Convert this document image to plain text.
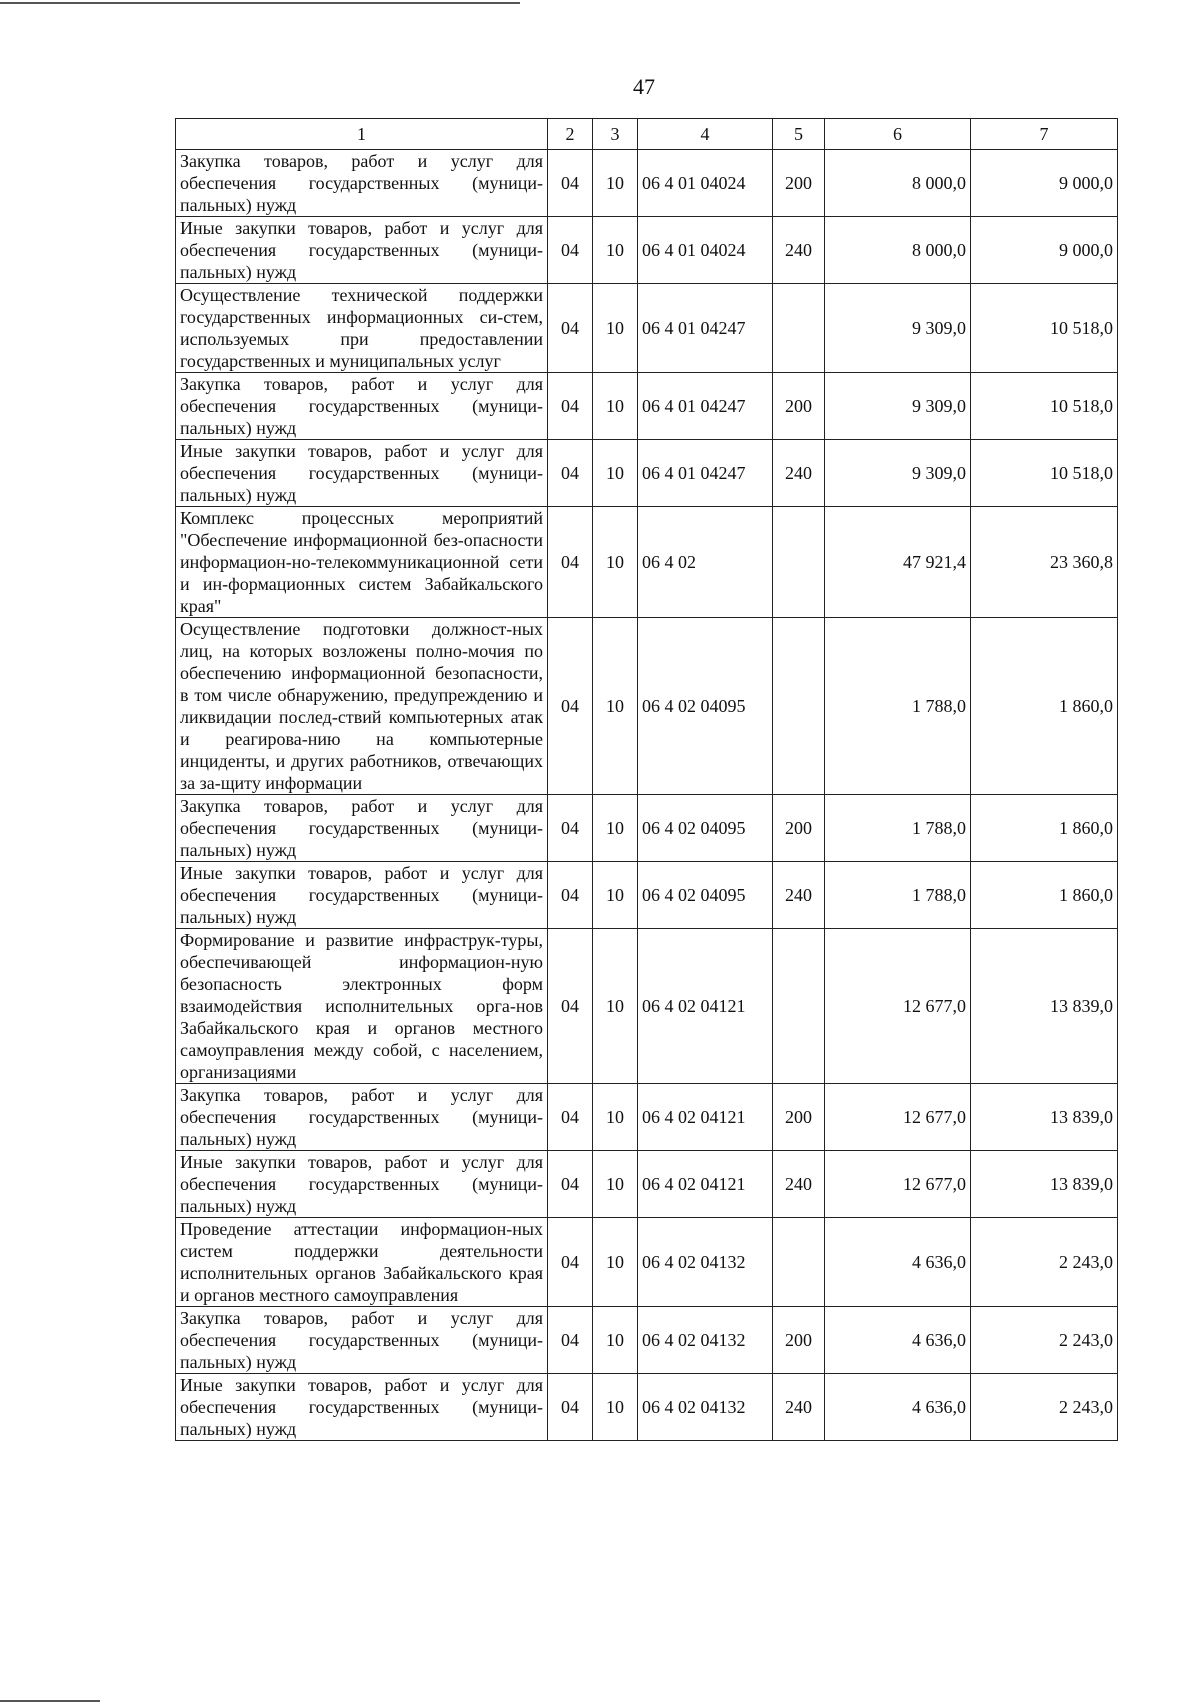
47
1	2	3	4	5	6	7
Закупка товаров, работ и услуг для обеспечения государственных (муници-пальных) нужд	04	10	06 4 01 04024	200	8 000,0	9 000,0
Иные закупки товаров, работ и услуг для обеспечения государственных (муници-пальных) нужд	04	10	06 4 01 04024	240	8 000,0	9 000,0
Осуществление технической поддержки государственных информационных си-стем, используемых при предоставлении государственных и муниципальных услуг	04	10	06 4 01 04247		9 309,0	10 518,0
Закупка товаров, работ и услуг для обеспечения государственных (муници-пальных) нужд	04	10	06 4 01 04247	200	9 309,0	10 518,0
Иные закупки товаров, работ и услуг для обеспечения государственных (муници-пальных) нужд	04	10	06 4 01 04247	240	9 309,0	10 518,0
Комплекс процессных мероприятий "Обеспечение информационной без-опасности информацион-но-телекоммуникационной сети и ин-формационных систем Забайкальского края"	04	10	06 4 02		47 921,4	23 360,8
Осуществление подготовки должност-ных лиц, на которых возложены полно-мочия по обеспечению информационной безопасности, в том числе обнаружению, предупреждению и ликвидации послед-ствий компьютерных атак и реагирова-нию на компьютерные инциденты, и других работников, отвечающих за за-щиту информации	04	10	06 4 02 04095		1 788,0	1 860,0
Закупка товаров, работ и услуг для обеспечения государственных (муници-пальных) нужд	04	10	06 4 02 04095	200	1 788,0	1 860,0
Иные закупки товаров, работ и услуг для обеспечения государственных (муници-пальных) нужд	04	10	06 4 02 04095	240	1 788,0	1 860,0
Формирование и развитие инфраструк-туры, обеспечивающей информацион-ную безопасность электронных форм взаимодействия исполнительных орга-нов Забайкальского края и органов местного самоуправления между собой, с населением, организациями	04	10	06 4 02 04121		12 677,0	13 839,0
Закупка товаров, работ и услуг для обеспечения государственных (муници-пальных) нужд	04	10	06 4 02 04121	200	12 677,0	13 839,0
Иные закупки товаров, работ и услуг для обеспечения государственных (муници-пальных) нужд	04	10	06 4 02 04121	240	12 677,0	13 839,0
Проведение аттестации информацион-ных систем поддержки деятельности исполнительных органов Забайкальского края и органов местного самоуправления	04	10	06 4 02 04132		4 636,0	2 243,0
Закупка товаров, работ и услуг для обеспечения государственных (муници-пальных) нужд	04	10	06 4 02 04132	200	4 636,0	2 243,0
Иные закупки товаров, работ и услуг для обеспечения государственных (муници-пальных) нужд	04	10	06 4 02 04132	240	4 636,0	2 243,0
